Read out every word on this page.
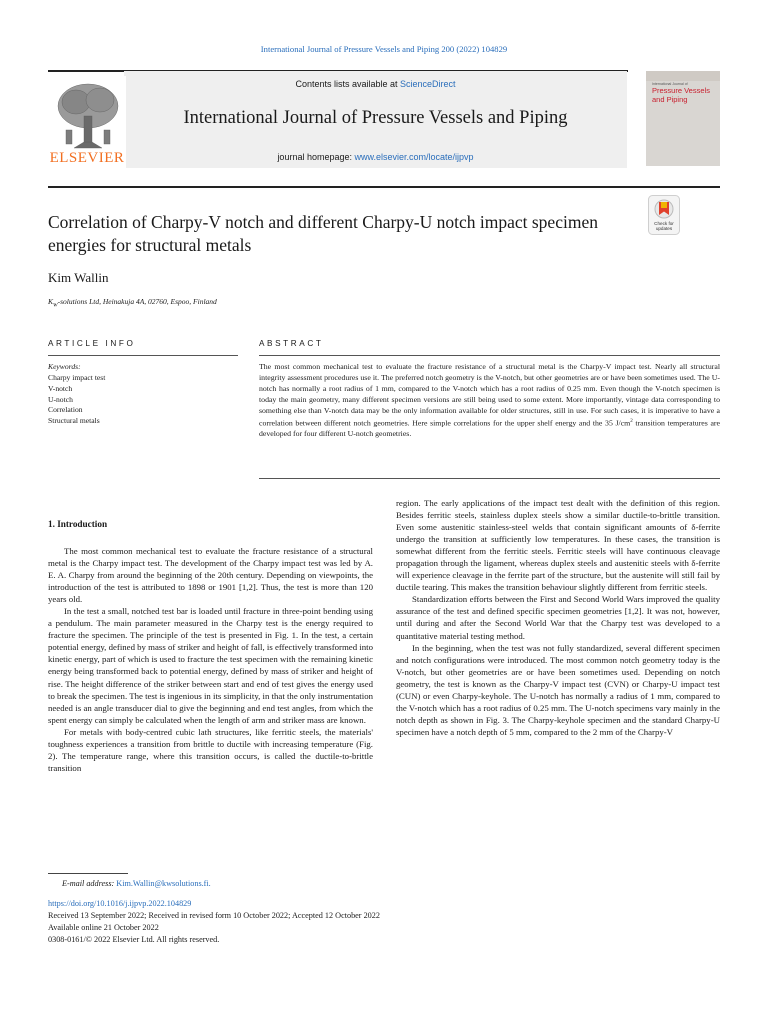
International Journal of Pressure Vessels and Piping 200 (2022) 104829
ELSEVIER
Contents lists available at ScienceDirect
International Journal of Pressure Vessels and Piping
journal homepage: www.elsevier.com/locate/ijpvp
International Journal of
Pressure Vessels and Piping
Check for
updates
Correlation of Charpy-V notch and different Charpy-U notch impact specimen energies for structural metals
Kim Wallin
$K_W$-solutions Ltd, Heinakuja 4A, 02760, Espoo, Finland
ARTICLE INFO	ABSTRACT
Keywords:
Charpy impact test
V-notch
U-notch
Correlation
Structural metals
The most common mechanical test to evaluate the fracture resistance of a structural metal is the Charpy-V impact test. Nearly all structural integrity assessment procedures use it. The preferred notch geometry is the V-notch, but other geometries are or have been sometimes used. The U-notch has normally a root radius of 1 mm, compared to the V-notch which has a root radius of 0.25 mm. Even though the V-notch specimen is today the main geometry, many different specimen versions are still being used to some extent. More importantly, vintage data corresponding to something else than V-notch data may be the only information available for older structures, still in use. For such cases, it is imperative to have a correlation between different notch geometries. Here simple correlations for the upper shelf energy and the 35 $J/cm^2$ transition temperatures are developed for four different U-notch geometries.
1. Introduction

The most common mechanical test to evaluate the fracture resistance of a structural metal is the Charpy impact test. The development of the Charpy impact test was led by A. E. A. Charpy from around the beginning of the 20th century. Depending on viewpoints, the introduction of the test is attributed to 1898 or 1901 [1,2]. Thus, the test is more than 120 years old.

In the test a small, notched test bar is loaded until fracture in three-point bending using a pendulum. The main parameter measured in the Charpy test is the energy required to fracture the specimen. The principle of the test is presented in Fig. 1. In the test, a certain potential energy, defined by mass of striker and height of fall, is effectively transformed into kinetic energy, part of which is used to fracture the test specimen with the remaining kinetic energy being transformed back to potential energy, defined by mass of striker and height of rise. The height difference of the striker between start and end of test gives the energy used to break the specimen. The test is ingenious in its simplicity, in that the only instrumentation needed is an angle transducer dial to give the beginning and end test angles, from which the spent energy can simply be calculated when the length of arm and striker mass are known.

For metals with body-centred cubic lath structures, like ferritic steels, the materials' toughness experiences a transition from brittle to ductile with increasing temperature (Fig. 2). The temperature range, where this transition occurs, is called the ductile-to-brittle transition

region. The early applications of the impact test dealt with the definition of this region. Besides ferritic steels, stainless duplex steels show a similar ductile-to-brittle transition. Even some austenitic stainless-steel welds that contain significant amounts of δ-ferrite undergo the transition at sufficiently low temperatures. In these cases, the transition is somewhat different from the ferritic steels. Ferritic steels will have continuous cleavage propagation through the ligament, whereas duplex steels and austenitic steels with δ-ferrite will experience cleavage in the ferrite part of the structure, but the austenite will still fail by ductile tearing. This makes the transition behaviour slightly different from ferritic steels.

Standardization efforts between the First and Second World Wars improved the quality assurance of the test and defined specific specimen geometries [1,2]. It was not, however, until during and after the Second World War that the Charpy test was developed to a quantitative material testing method.

In the beginning, when the test was not fully standardized, several different specimen and notch configurations were introduced. The most common notch geometry today is the V-notch, but other geometries are or have been sometimes used. Depending on notch geometry, the test is known as the Charpy-V impact test (CVN) or Charpy-U impact test (CUN) or even Charpy-keyhole. The U-notch has normally a radius of 1 mm, compared to the V-notch which has a root radius of 0.25 mm. The U-notch specimens vary mainly in the notch depth as shown in Fig. 3. The Charpy-keyhole specimen and the standard Charpy-U specimen have a notch depth of 5 mm, compared to the 2 mm of the Charpy-V

E-mail address: Kim.Wallin@kwsolutions.fi.
https://doi.org/10.1016/j.ijpvp.2022.104829
Received 13 September 2022; Received in revised form 10 October 2022; Accepted 12 October 2022
Available online 21 October 2022
0308-0161/© 2022 Elsevier Ltd. All rights reserved.
